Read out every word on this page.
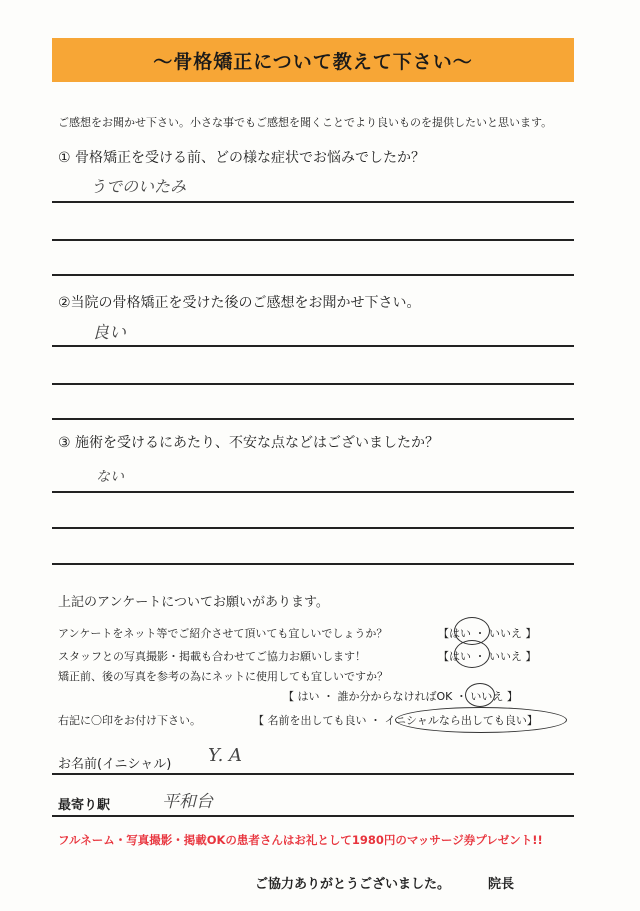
～骨格矯正について教えて下さい～
ご感想をお聞かせ下さい。小さな事でもご感想を聞くことでより良いものを提供したいと思います。
① 骨格矯正を受ける前、どの様な症状でお悩みでしたか？
うでのいたみ
②当院の骨格矯正を受けた後のご感想をお聞かせ下さい。
良い
③ 施術を受けるにあたり、不安な点などはございましたか？
ない
上記のアンケートについてお願いがあります。
アンケートをネット等でご紹介させて頂いても宜しいでしょうか？	【はい ・ いいえ 】
スタッフとの写真撮影・掲載も合わせてご協力お願いします！	【はい ・ いいえ 】
矯正前、後の写真を参考の為にネットに使用しても宜しいですか？
【 はい ・ 誰か分からなければOK ・ いいえ 】
右記に〇印をお付け下さい。	【 名前を出しても良い ・ イニシャルなら出しても良い】
お名前(イニシャル) Y. A
最寄り駅	平和台
フルネーム・写真撮影・掲載OKの患者さんはお礼として1980円のマッサージ券プレゼント!!
ご協力ありがとうございました。	院長
